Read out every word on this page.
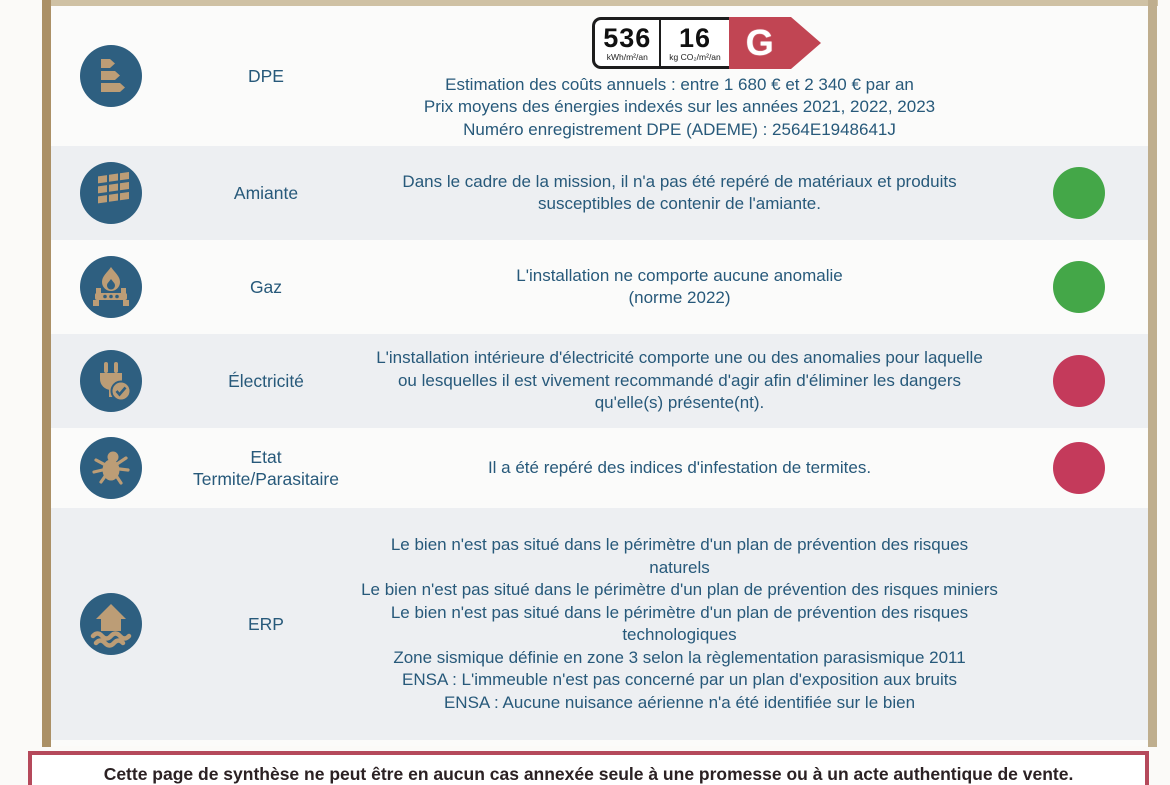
DPE
536
kWh/m²/an
16
kg CO₂/m²/an G

Estimation des coûts annuels : entre 1 680 € et 2 340 € par an

Prix moyens des énergies indexés sur les années 2021, 2022, 2023

Numéro enregistrement DPE (ADEME) : 2564E1948641J

Amiante

Dans le cadre de la mission, il n'a pas été repéré de matériaux et produits susceptibles de contenir de l'amiante.

Gaz

L'installation ne comporte aucune anomalie

(norme 2022)

Électricité

L'installation intérieure d'électricité comporte une ou des anomalies pour laquelle ou lesquelles il est vivement recommandé d'agir afin d'éliminer les dangers qu'elle(s) présente(nt).

Etat Termite/Parasitaire

Il a été repéré des indices d'infestation de termites.

ERP

Le bien n'est pas situé dans le périmètre d'un plan de prévention des risques naturels

Le bien n'est pas situé dans le périmètre d'un plan de prévention des risques miniers

Le bien n'est pas situé dans le périmètre d'un plan de prévention des risques technologiques

Zone sismique définie en zone 3 selon la règlementation parasismique 2011

ENSA : L'immeuble n'est pas concerné par un plan d'exposition aux bruits

ENSA : Aucune nuisance aérienne n'a été identifiée sur le bien

Cette page de synthèse ne peut être en aucun cas annexée seule à une promesse ou à un acte authentique de vente.
